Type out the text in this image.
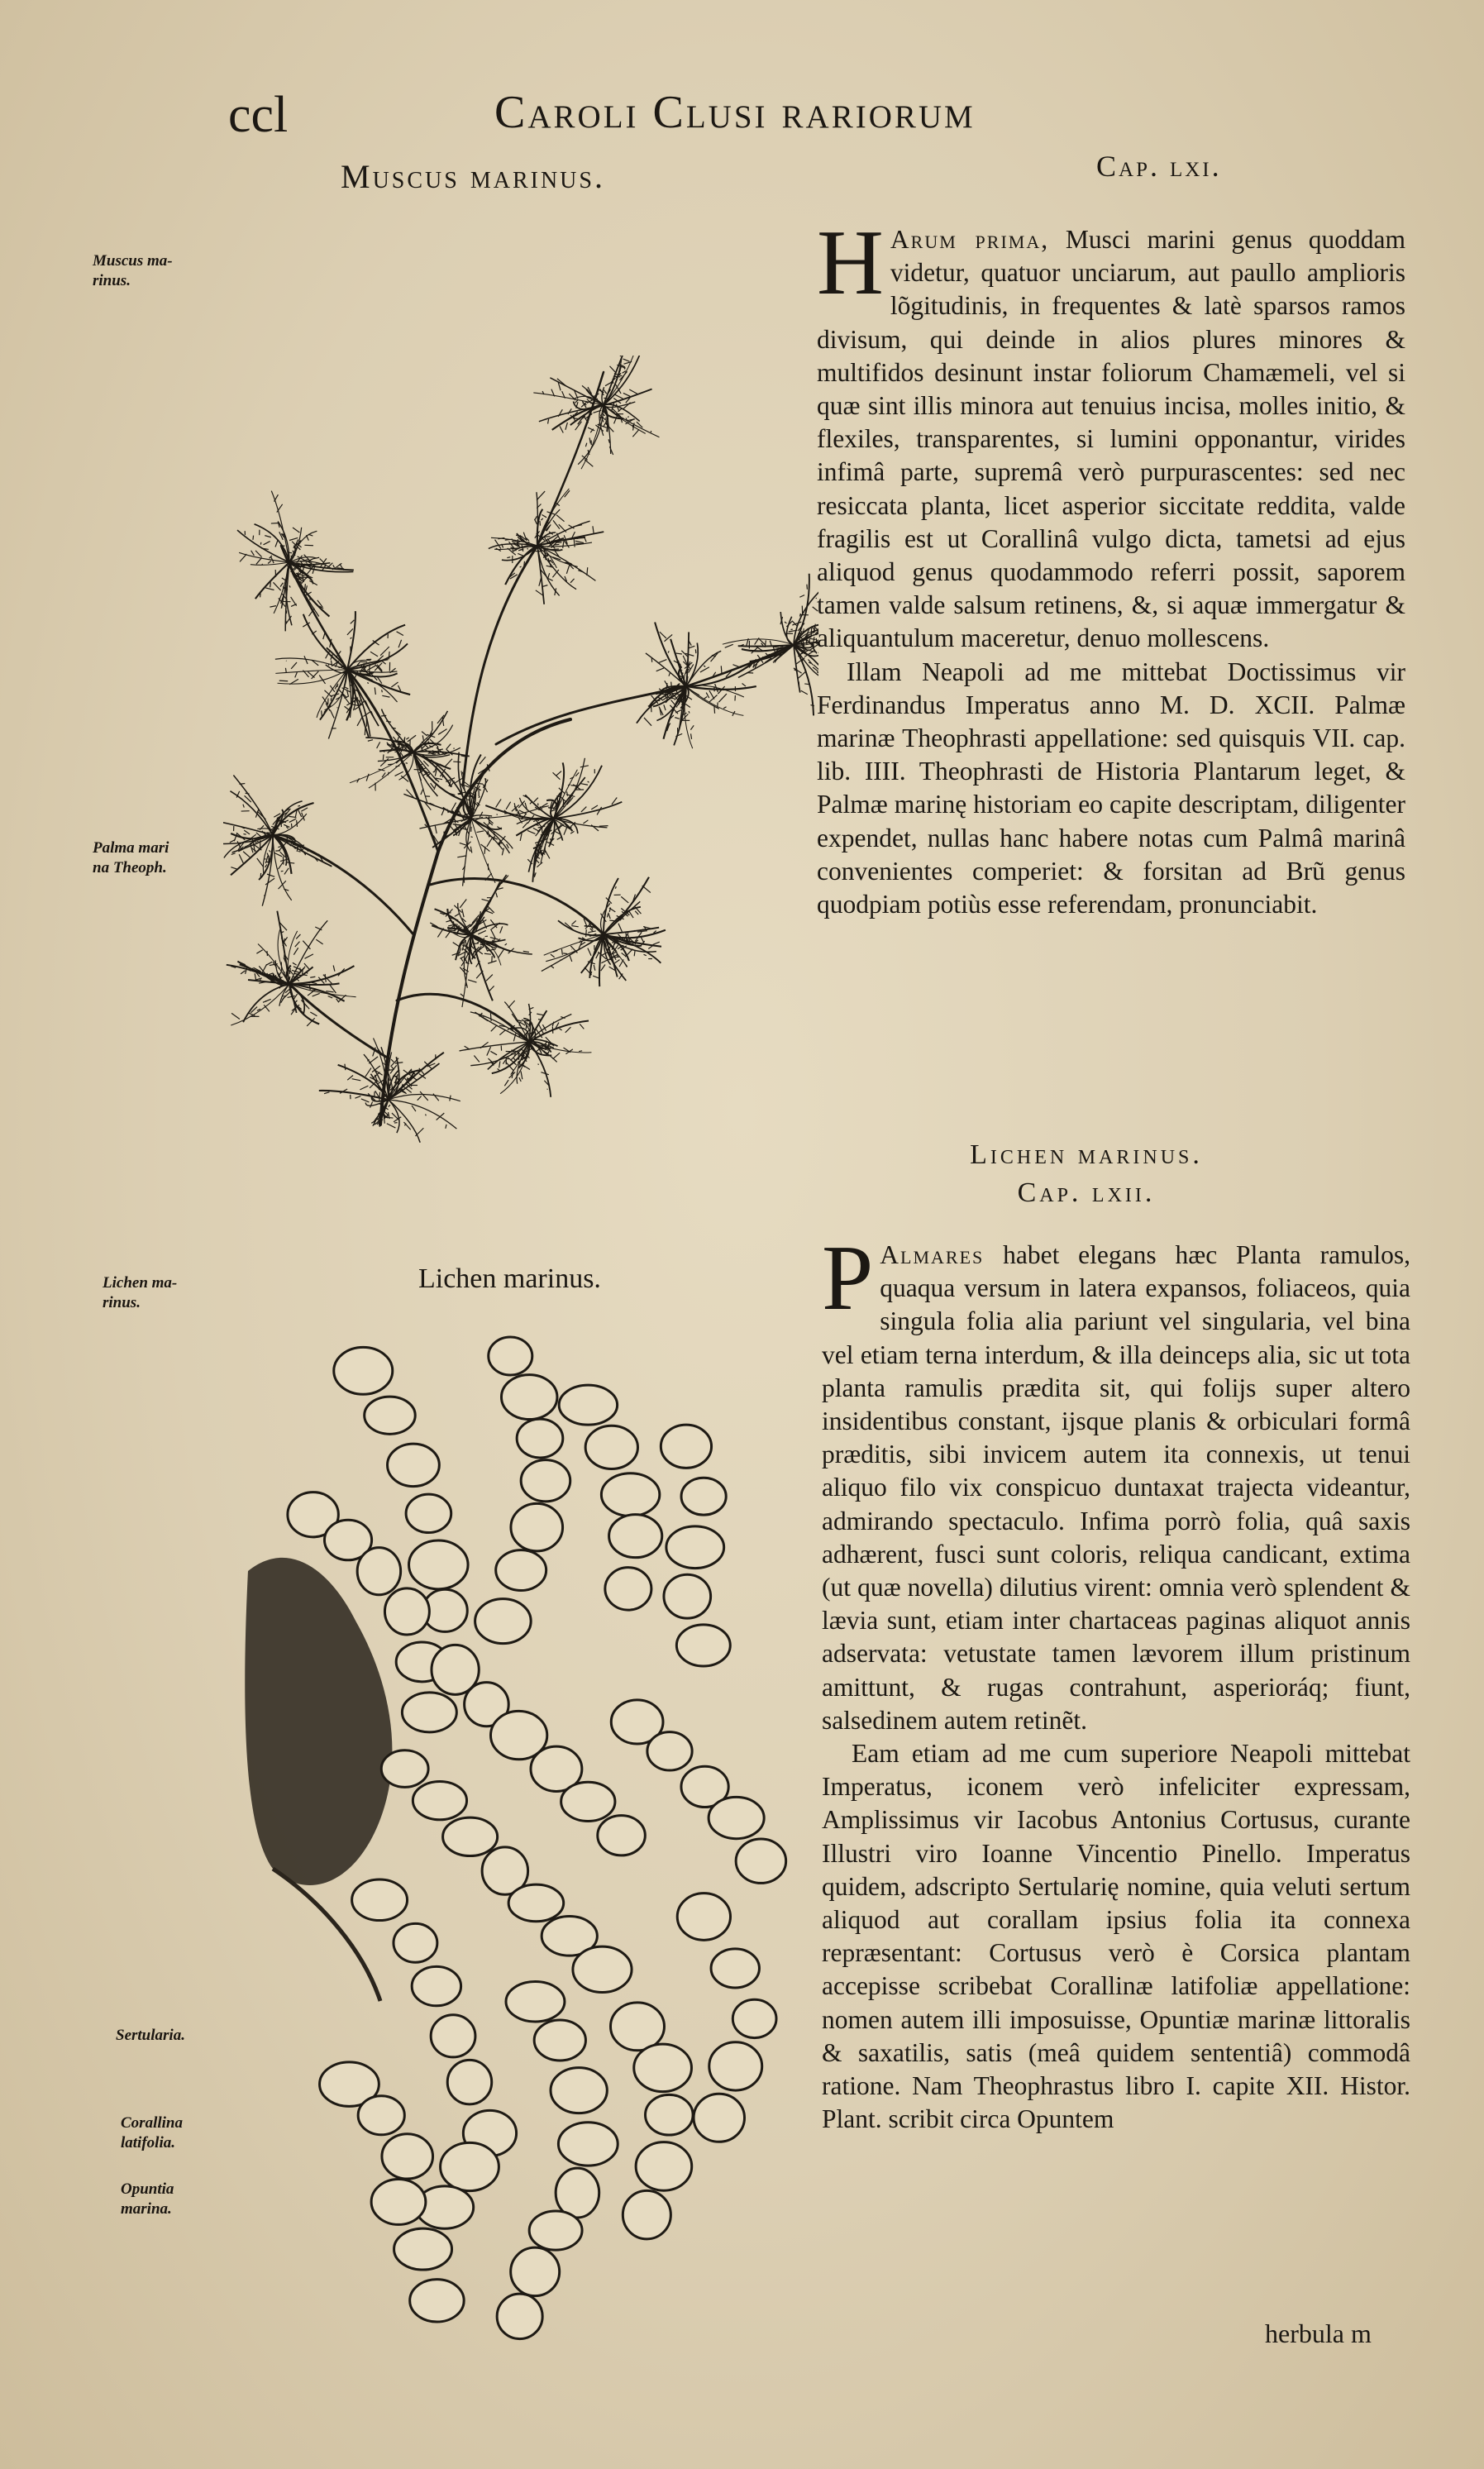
ccl	Caroli Clusi rariorum
Muscus marinus.	Cap. lxi.
Muscus ma-
rinus.
Palma mari
na Theoph.
Lichen ma-
rinus.
Sertularia.
Corallina
latifolia.
Opuntia
marina.
Lichen marinus.

H Arum prima, Musci marini genus quoddam videtur, quatuor unciarum, aut paullo amplioris lõgitudinis, in frequentes & latè sparsos ramos divisum, qui deinde in alios plures minores & multifidos desinunt instar foliorum Chamæmeli, vel si quæ sint illis minora aut tenuius incisa, molles initio, & flexiles, transparentes, si lumini opponantur, virides infimâ parte, supremâ verò purpurascentes: sed nec resiccata planta, licet asperior siccitate reddita, valde fragilis est ut Corallinâ vulgo dicta, tametsi ad ejus aliquod genus quodammodo referri possit, saporem tamen valde salsum retinens, &, si aquæ immergatur & aliquantulum maceretur, denuo mollescens.

Illam Neapoli ad me mittebat Doctissimus vir Ferdinandus Imperatus anno M. D. XCII. Palmæ marinæ Theophrasti appellatione: sed quisquis VII. cap. lib. IIII. Theophrasti de Historia Plantarum leget, & Palmæ marinę historiam eo capite descriptam, diligenter expendet, nullas hanc habere notas cum Palmâ marinâ convenientes comperiet: & forsitan ad Brũ genus quodpiam potiùs esse referendam, pronunciabit.

Lichen marinus.
Cap. lxii.

P Almares habet elegans hæc Planta ramulos, quaqua versum in latera expansos, foliaceos, quia singula folia alia pariunt vel singularia, vel bina vel etiam terna interdum, & illa deinceps alia, sic ut tota planta ramulis prædita sit, qui folijs super altero insidentibus constant, ijsque planis & orbiculari formâ præditis, sibi invicem autem ita connexis, ut tenui aliquo filo vix conspicuo duntaxat trajecta videantur, admirando spectaculo. Infima porrò folia, quâ saxis adhærent, fusci sunt coloris, reliqua candicant, extima (ut quæ novella) dilutius virent: omnia verò splendent & lævia sunt, etiam inter chartaceas paginas aliquot annis adservata: vetustate tamen lævorem illum pristinum amittunt, & rugas contrahunt, asperioráq; fiunt, salsedinem autem retinẽt.

Eam etiam ad me cum superiore Neapoli mittebat Imperatus, iconem verò infeliciter expressam, Amplissimus vir Iacobus Antonius Cortusus, curante Illustri viro Ioanne Vincentio Pinello. Imperatus quidem, adscripto Sertularię nomine, quia veluti sertum aliquod aut corallam ipsius folia ita connexa repræsentant: Cortusus verò è Corsica plantam accepisse scribebat Corallinæ latifoliæ appellatione: nomen autem illi imposuisse, Opuntiæ marinæ littoralis & saxatilis, satis (meâ quidem sententiâ) commodâ ratione. Nam Theophrastus libro I. capite XII. Histor. Plant. scribit circa Opuntem

herbula m
